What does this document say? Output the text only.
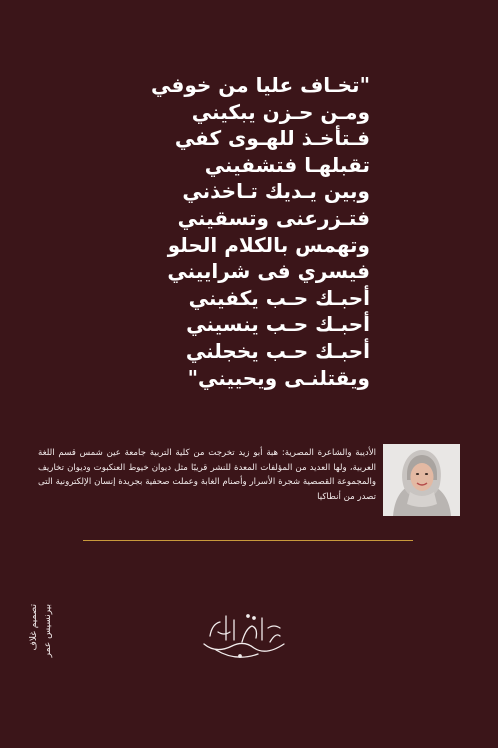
"تخـاف عليا من خوفي
ومـن حـزن يبكيني
فـتأخـذ للهـوى كفي
تقبلهـا فتشفيني
وبين يـديك تـاخذني
فتـزرعنى وتسقيني
وتهمس بالكلام الحلو
فيسري فى شراييني
أحبـك حـب يكفيني
أحبـك حـب ينسيني
أحبـك حـب يخجلني
ويقتلنـى ويحييني"
الأديبة والشاعرة المصرية: هبة أبو زيد تخرجت من كلية التربية جامعة عين شمس قسم اللغة العربية، ولها العديد من المؤلفات المعدة للنشر قريبًا مثل ديوان خيوط العنكبوت وديوان تخاريف والمجموعة القصصية شجرة الأسرار وأصنام الغابة وعملت صحفية بجريدة إنسان الإلكترونية التى تصدر من أنطاكيا
تصميم غلاف بيرنسيس عمر
